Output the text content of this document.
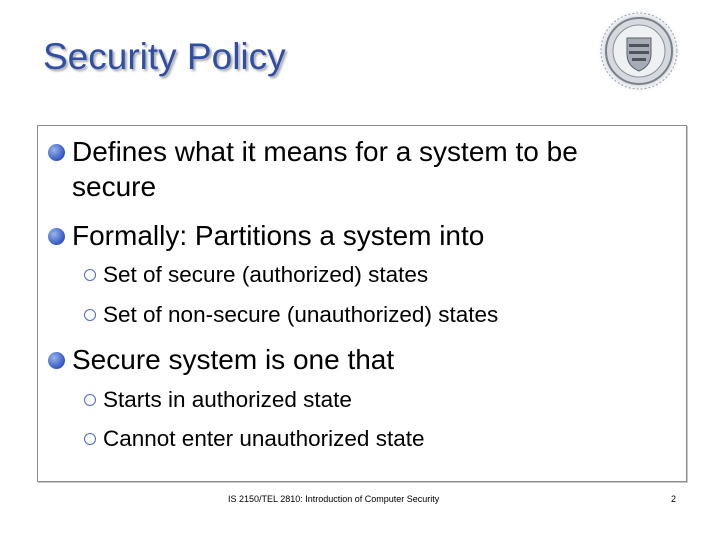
Security Policy
Defines what it means for a system to be
secure
Formally: Partitions a system into
Set of secure (authorized) states
Set of non-secure (unauthorized) states
Secure system is one that
Starts in authorized state
Cannot enter unauthorized state
IS 2150/TEL 2810: Introduction of Computer Security	2
